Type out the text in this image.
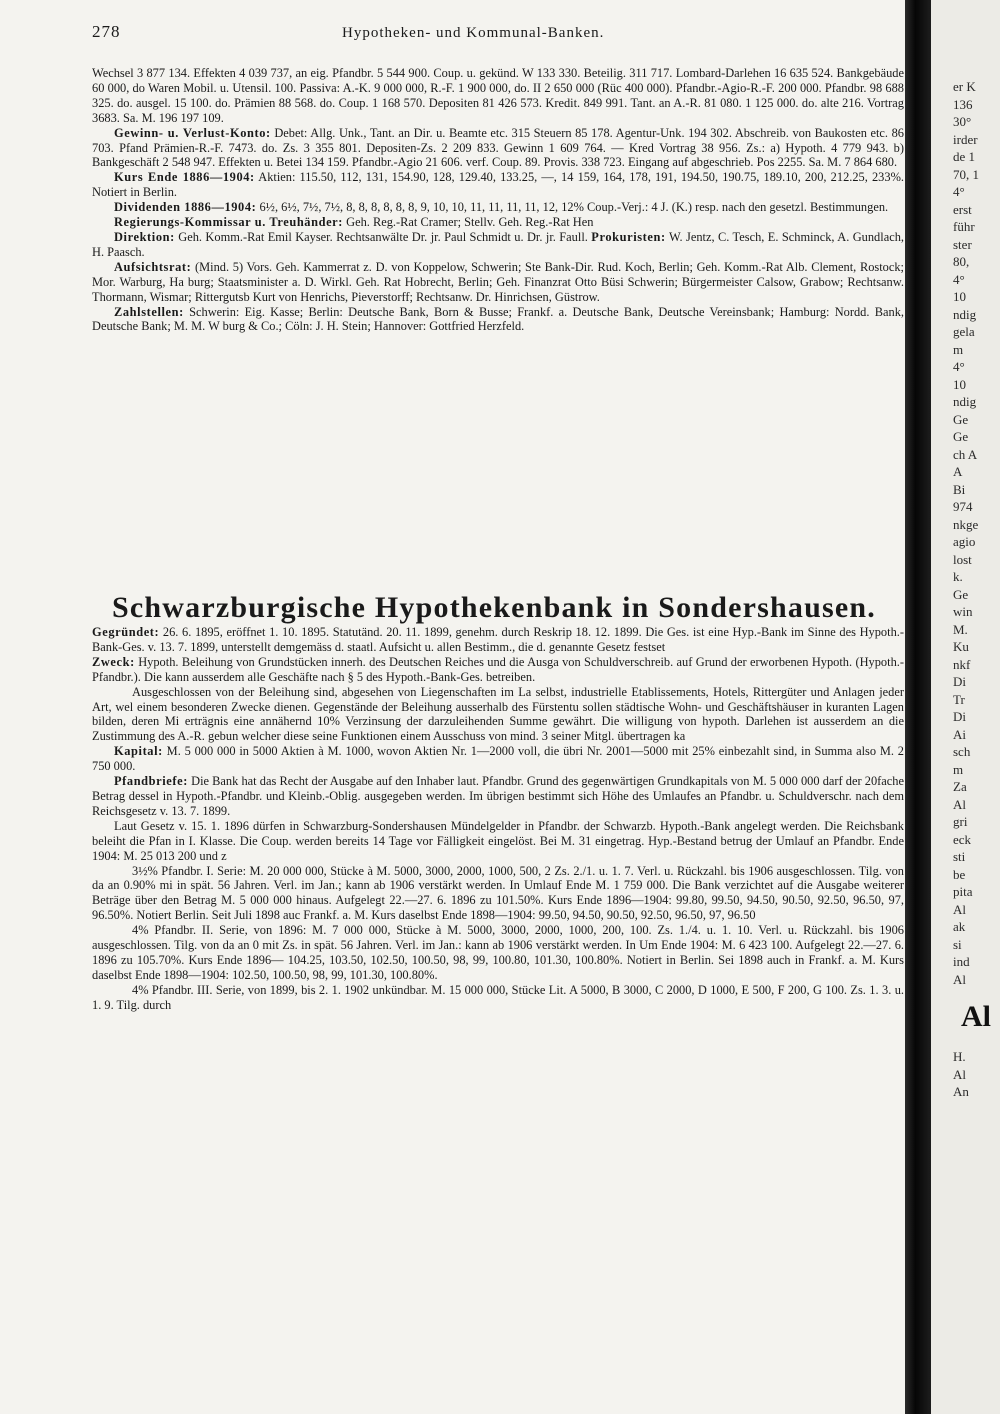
278	Hypotheken- und Kommunal-Banken.

Wechsel 3 877 134. Effekten 4 039 737, an eig. Pfandbr. 5 544 900. Coup. u. gekünd. W 133 330. Beteilig. 311 717. Lombard-Darlehen 16 635 524. Bankgebäude 60 000, do Waren Mobil. u. Utensil. 100. Passiva: A.-K. 9 000 000, R.-F. 1 900 000, do. II 2 650 000 (Rüc 400 000). Pfandbr.-Agio-R.-F. 200 000. Pfandbr. 98 688 325. do. ausgel. 15 100. do. Prämien 88 568. do. Coup. 1 168 570. Depositen 81 426 573. Kredit. 849 991. Tant. an A.-R. 81 080. 1 125 000. do. alte 216. Vortrag 3683. Sa. M. 196 197 109.

Gewinn- u. Verlust-Konto: Debet: Allg. Unk., Tant. an Dir. u. Beamte etc. 315 Steuern 85 178. Agentur-Unk. 194 302. Abschreib. von Baukosten etc. 86 703. Pfand Prämien-R.-F. 7473. do. Zs. 3 355 801. Depositen-Zs. 2 209 833. Gewinn 1 609 764. — Kred Vortrag 38 956. Zs.: a) Hypoth. 4 779 943. b) Bankgeschäft 2 548 947. Effekten u. Betei 134 159. Pfandbr.-Agio 21 606. verf. Coup. 89. Provis. 338 723. Eingang auf abgeschrieb. Pos 2255. Sa. M. 7 864 680.

Kurs Ende 1886—1904: Aktien: 115.50, 112, 131, 154.90, 128, 129.40, 133.25, —, 14 159, 164, 178, 191, 194.50, 190.75, 189.10, 200, 212.25, 233%. Notiert in Berlin.

Dividenden 1886—1904: 6½, 6½, 7½, 7½, 8, 8, 8, 8, 8, 8, 9, 10, 10, 11, 11, 11, 11, 12, 12% Coup.-Verj.: 4 J. (K.) resp. nach den gesetzl. Bestimmungen.

Regierungs-Kommissar u. Treuhänder: Geh. Reg.-Rat Cramer; Stellv. Geh. Reg.-Rat Hen

Direktion: Geh. Komm.-Rat Emil Kayser. Rechtsanwälte Dr. jr. Paul Schmidt u. Dr. jr. Faull. Prokuristen: W. Jentz, C. Tesch, E. Schminck, A. Gundlach, H. Paasch.

Aufsichtsrat: (Mind. 5) Vors. Geh. Kammerrat z. D. von Koppelow, Schwerin; Ste Bank-Dir. Rud. Koch, Berlin; Geh. Komm.-Rat Alb. Clement, Rostock; Mor. Warburg, Ha burg; Staatsminister a. D. Wirkl. Geh. Rat Hobrecht, Berlin; Geh. Finanzrat Otto Büsi Schwerin; Bürgermeister Calsow, Grabow; Rechtsanw. Thormann, Wismar; Rittergutsb Kurt von Henrichs, Pieverstorff; Rechtsanw. Dr. Hinrichsen, Güstrow.

Zahlstellen: Schwerin: Eig. Kasse; Berlin: Deutsche Bank, Born & Busse; Frankf. a. Deutsche Bank, Deutsche Vereinsbank; Hamburg: Nordd. Bank, Deutsche Bank; M. M. W burg & Co.; Cöln: J. H. Stein; Hannover: Gottfried Herzfeld.

Schwarzburgische Hypothekenbank in Sondershausen.

Gegründet: 26. 6. 1895, eröffnet 1. 10. 1895. Statutänd. 20. 11. 1899, genehm. durch Reskrip 18. 12. 1899. Die Ges. ist eine Hyp.-Bank im Sinne des Hypoth.-Bank-Ges. v. 13. 7. 1899, unterstellt demgemäss d. staatl. Aufsicht u. allen Bestimm., die d. genannte Gesetz festset

Zweck: Hypoth. Beleihung von Grundstücken innerh. des Deutschen Reiches und die Ausga von Schuldverschreib. auf Grund der erworbenen Hypoth. (Hypoth.-Pfandbr.). Die kann ausserdem alle Geschäfte nach § 5 des Hypoth.-Bank-Ges. betreiben.

Ausgeschlossen von der Beleihung sind, abgesehen von Liegenschaften im La selbst, industrielle Etablissements, Hotels, Rittergüter und Anlagen jeder Art, wel einem besonderen Zwecke dienen. Gegenstände der Beleihung ausserhalb des Fürstentu sollen städtische Wohn- und Geschäftshäuser in kuranten Lagen bilden, deren Mi erträgnis eine annähernd 10% Verzinsung der darzuleihenden Summe gewährt. Die willigung von hypoth. Darlehen ist ausserdem an die Zustimmung des A.-R. gebun welcher diese seine Funktionen einem Ausschuss von mind. 3 seiner Mitgl. übertragen ka

Kapital: M. 5 000 000 in 5000 Aktien à M. 1000, wovon Aktien Nr. 1—2000 voll, die übri Nr. 2001—5000 mit 25% einbezahlt sind, in Summa also M. 2 750 000.

Pfandbriefe: Die Bank hat das Recht der Ausgabe auf den Inhaber laut. Pfandbr. Grund des gegenwärtigen Grundkapitals von M. 5 000 000 darf der 20fache Betrag dessel in Hypoth.-Pfandbr. und Kleinb.-Oblig. ausgegeben werden. Im übrigen bestimmt sich Höhe des Umlaufes an Pfandbr. u. Schuldverschr. nach dem Reichsgesetz v. 13. 7. 1899.

Laut Gesetz v. 15. 1. 1896 dürfen in Schwarzburg-Sondershausen Mündelgelder in Pfandbr. der Schwarzb. Hypoth.-Bank angelegt werden. Die Reichsbank beleiht die Pfan in I. Klasse. Die Coup. werden bereits 14 Tage vor Fälligkeit eingelöst. Bei M. 31 eingetrag. Hyp.-Bestand betrug der Umlauf an Pfandbr. Ende 1904: M. 25 013 200 und z

3½% Pfandbr. I. Serie: M. 20 000 000, Stücke à M. 5000, 3000, 2000, 1000, 500, 2 Zs. 2./1. u. 1. 7. Verl. u. Rückzahl. bis 1906 ausgeschlossen. Tilg. von da an 0.90% mi in spät. 56 Jahren. Verl. im Jan.; kann ab 1906 verstärkt werden. In Umlauf Ende M. 1 759 000. Die Bank verzichtet auf die Ausgabe weiterer Beträge über den Betrag M. 5 000 000 hinaus. Aufgelegt 22.—27. 6. 1896 zu 101.50%. Kurs Ende 1896—1904: 99.80, 99.50, 94.50, 90.50, 92.50, 96.50, 97, 96.50%. Notiert Berlin. Seit Juli 1898 auc Frankf. a. M. Kurs daselbst Ende 1898—1904: 99.50, 94.50, 90.50, 92.50, 96.50, 97, 96.50

4% Pfandbr. II. Serie, von 1896: M. 7 000 000, Stücke à M. 5000, 3000, 2000, 1000, 200, 100. Zs. 1./4. u. 1. 10. Verl. u. Rückzahl. bis 1906 ausgeschlossen. Tilg. von da an 0 mit Zs. in spät. 56 Jahren. Verl. im Jan.: kann ab 1906 verstärkt werden. In Um Ende 1904: M. 6 423 100. Aufgelegt 22.—27. 6. 1896 zu 105.70%. Kurs Ende 1896— 104.25, 103.50, 102.50, 100.50, 98, 99, 100.80, 101.30, 100.80%. Notiert in Berlin. Sei 1898 auch in Frankf. a. M. Kurs daselbst Ende 1898—1904: 102.50, 100.50, 98, 99, 101.30, 100.80%.

4% Pfandbr. III. Serie, von 1899, bis 2. 1. 1902 unkündbar. M. 15 000 000, Stücke Lit. A 5000, B 3000, C 2000, D 1000, E 500, F 200, G 100. Zs. 1. 3. u. 1. 9. Tilg. durch

er K
136
30°
irder
de 1
70, 1
4°
erst
führ
ster
80,
4°
10
ndig
gela
m
4°
10
ndig
Ge
Ge
ch A
A
Bi
974
nkge
agio
lost
k.
Ge
win
M.
Ku
nkf
Di
Tr
Di
Ai
sch
m
Za
Al
gri
eck
sti
be
pita
Al
ak
si
ind
Al
H.
Al
An
Al
